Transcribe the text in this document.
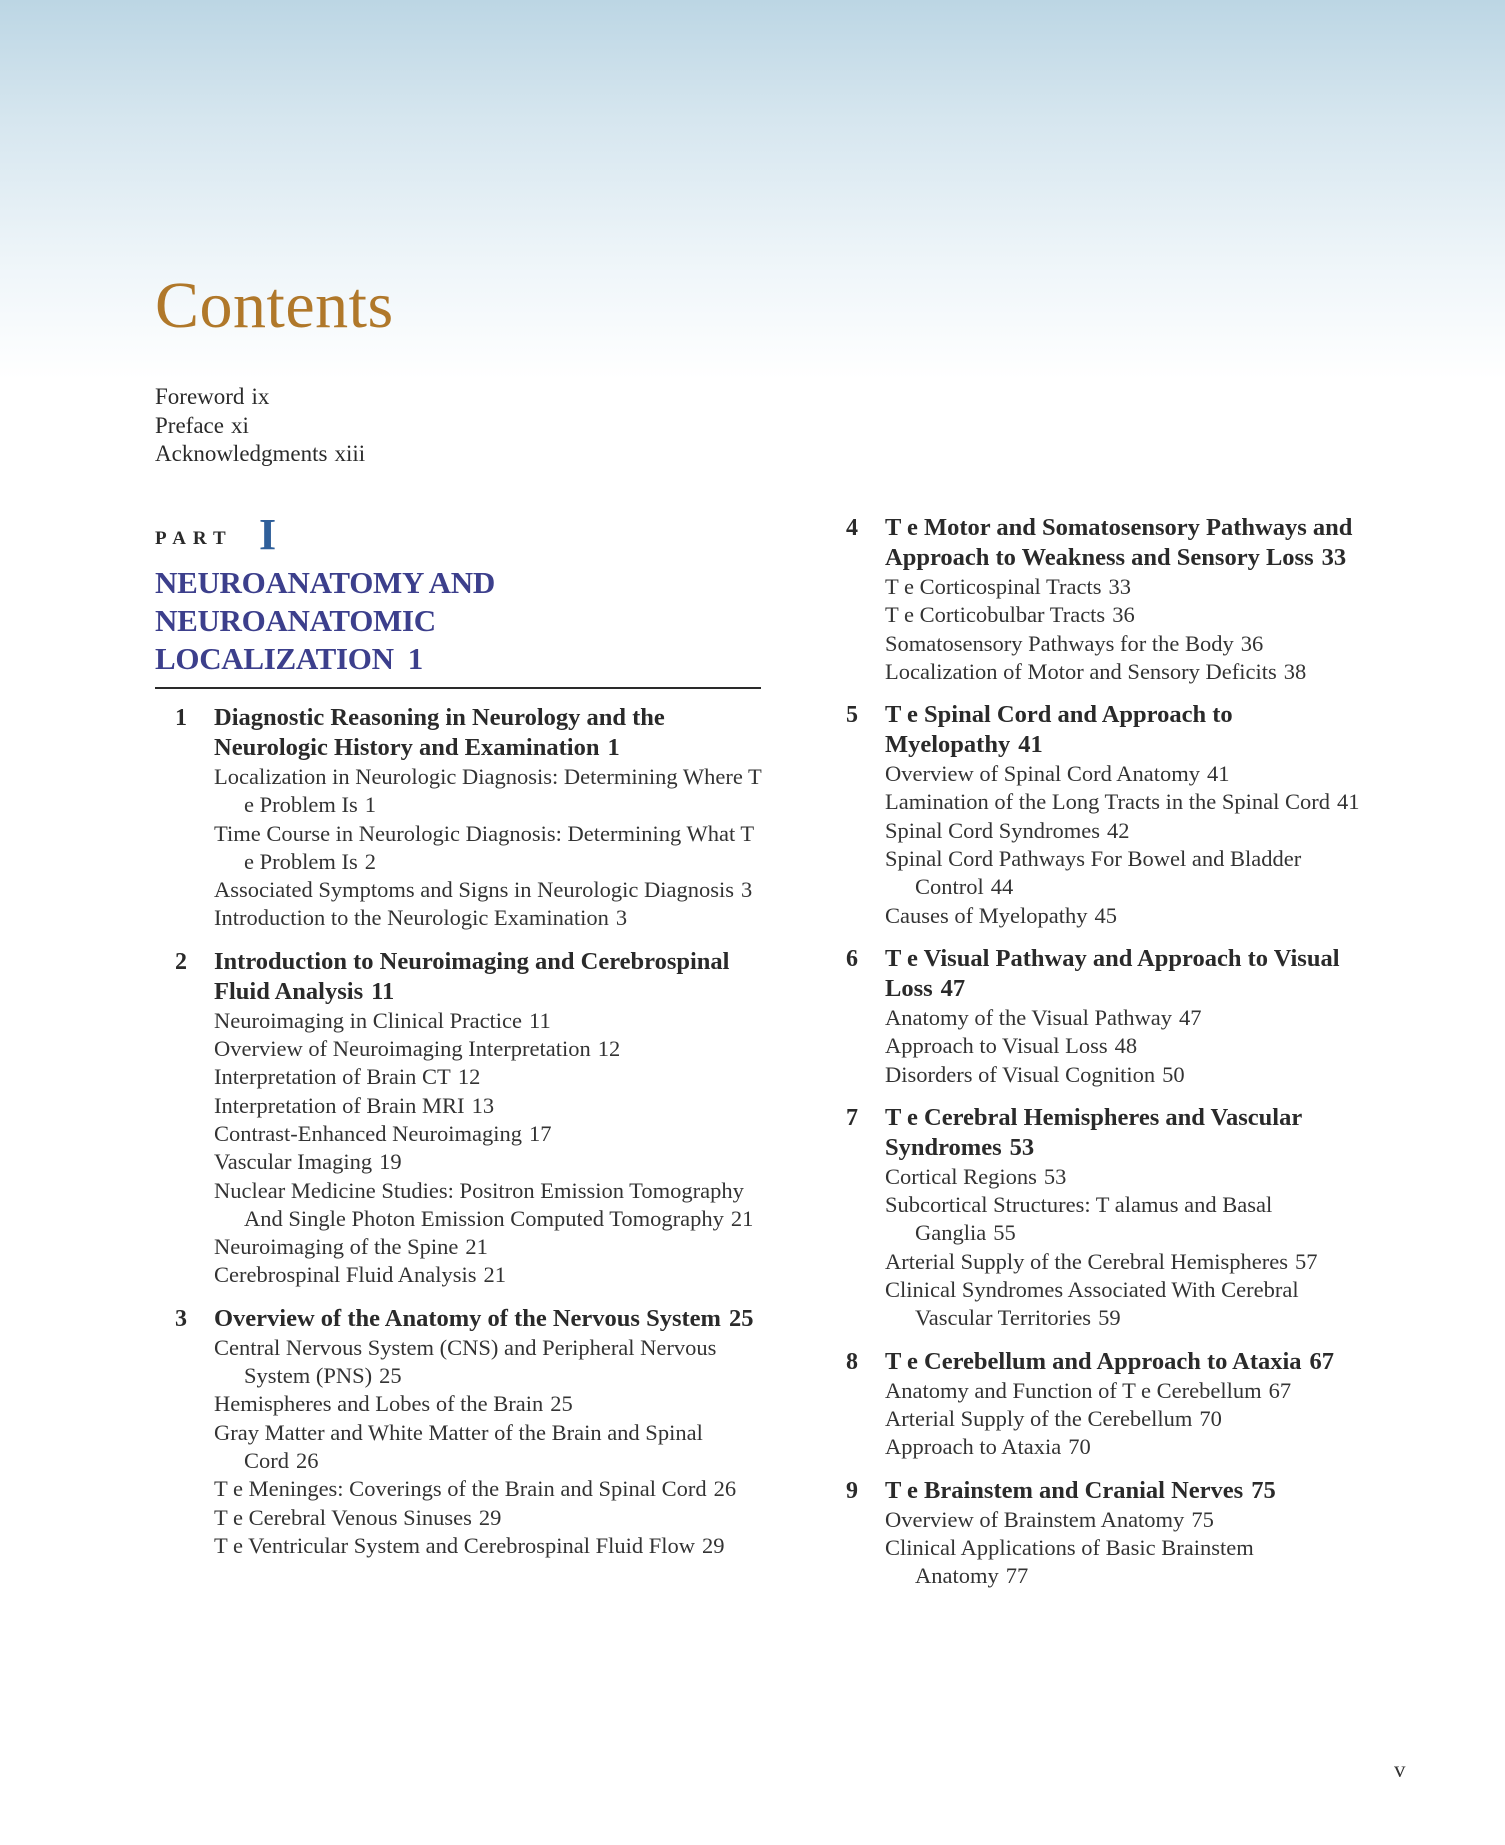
Contents
Foreword ix
Preface xi
Acknowledgments xiii
PART I
NEUROANATOMY AND
NEUROANATOMIC
LOCALIZATION 1
1 Diagnostic Reasoning in Neurology and the Neurologic History and Examination 1
Localization in Neurologic Diagnosis: Determining Where T e Problem Is 1
Time Course in Neurologic Diagnosis: Determining What T e Problem Is 2
Associated Symptoms and Signs in Neurologic Diagnosis 3
Introduction to the Neurologic Examination 3
2 Introduction to Neuroimaging and Cerebrospinal Fluid Analysis 11
Neuroimaging in Clinical Practice 11
Overview of Neuroimaging Interpretation 12
Interpretation of Brain CT 12
Interpretation of Brain MRI 13
Contrast-Enhanced Neuroimaging 17
Vascular Imaging 19
Nuclear Medicine Studies: Positron Emission Tomography And Single Photon Emission Computed Tomography 21
Neuroimaging of the Spine 21
Cerebrospinal Fluid Analysis 21
3 Overview of the Anatomy of the Nervous System 25
Central Nervous System (CNS) and Peripheral Nervous System (PNS) 25
Hemispheres and Lobes of the Brain 25
Gray Matter and White Matter of the Brain and Spinal Cord 26
T e Meninges: Coverings of the Brain and Spinal Cord 26
T e Cerebral Venous Sinuses 29
T e Ventricular System and Cerebrospinal Fluid Flow 29
4 T e Motor and Somatosensory Pathways and Approach to Weakness and Sensory Loss 33
T e Corticospinal Tracts 33
T e Corticobulbar Tracts 36
Somatosensory Pathways for the Body 36
Localization of Motor and Sensory Deficits 38
5 T e Spinal Cord and Approach to Myelopathy 41
Overview of Spinal Cord Anatomy 41
Lamination of the Long Tracts in the Spinal Cord 41
Spinal Cord Syndromes 42
Spinal Cord Pathways For Bowel and Bladder Control 44
Causes of Myelopathy 45
6 T e Visual Pathway and Approach to Visual Loss 47
Anatomy of the Visual Pathway 47
Approach to Visual Loss 48
Disorders of Visual Cognition 50
7 T e Cerebral Hemispheres and Vascular Syndromes 53
Cortical Regions 53
Subcortical Structures: T alamus and Basal Ganglia 55
Arterial Supply of the Cerebral Hemispheres 57
Clinical Syndromes Associated With Cerebral Vascular Territories 59
8 T e Cerebellum and Approach to Ataxia 67
Anatomy and Function of T e Cerebellum 67
Arterial Supply of the Cerebellum 70
Approach to Ataxia 70
9 T e Brainstem and Cranial Nerves 75
Overview of Brainstem Anatomy 75
Clinical Applications of Basic Brainstem Anatomy 77
v
